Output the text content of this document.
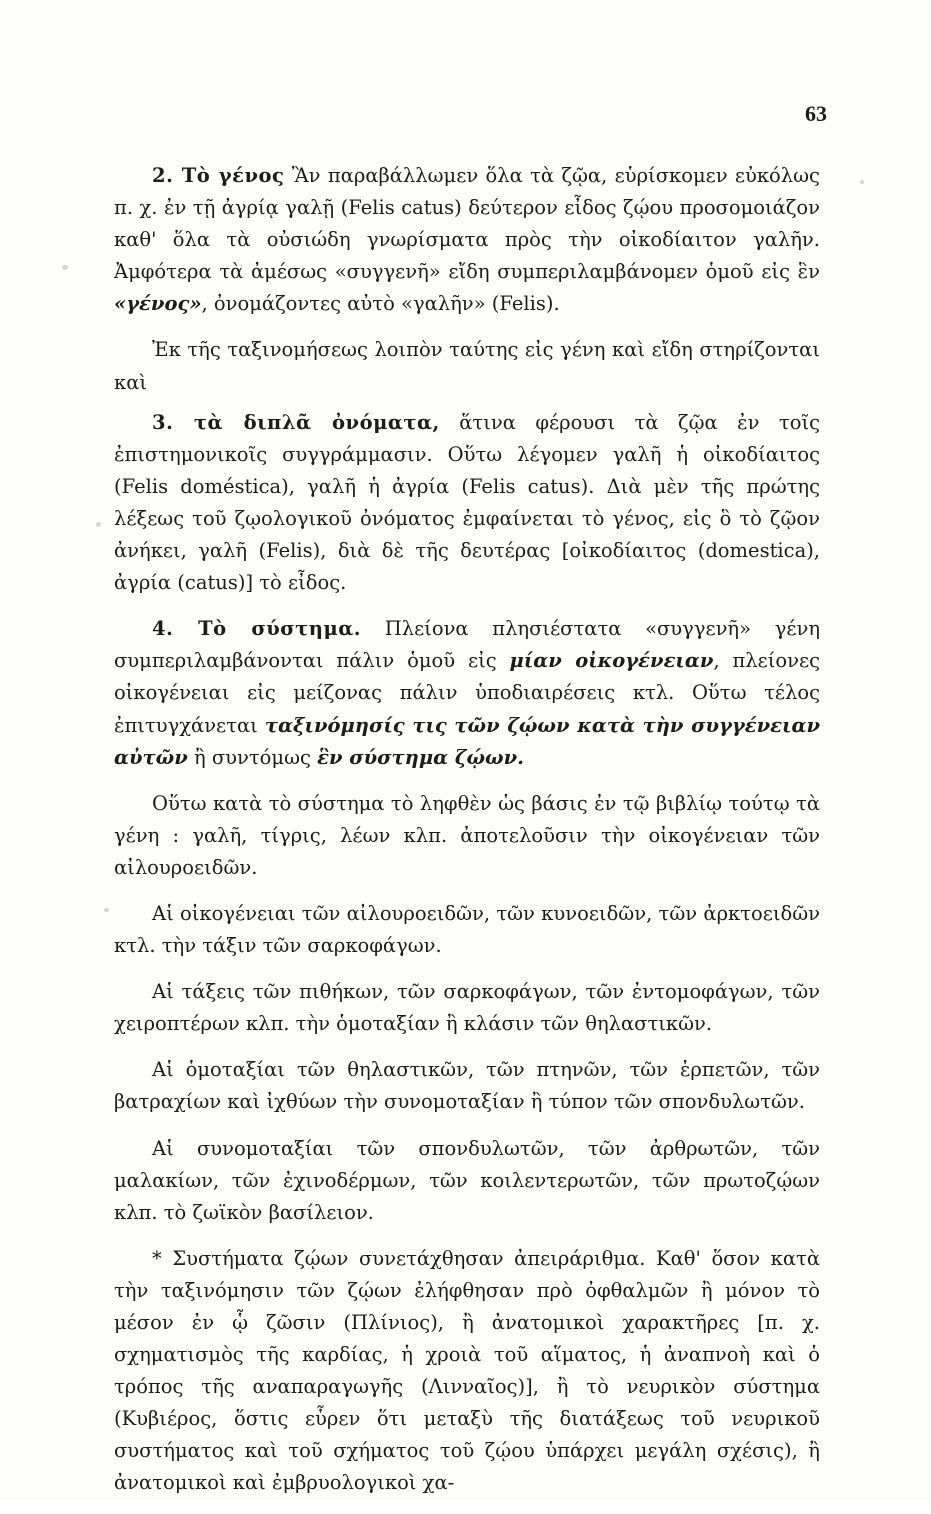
63

2. Τὸ γένος Ἂν παραβάλλωμεν ὅλα τὰ ζῷα, εὑρίσκομεν εὐκόλως π. χ. ἐν τῇ ἀγρίᾳ γαλῇ (Felis catus) δεύτερον εἶδος ζῴου προσομοιάζον καθ' ὅλα τὰ οὐσιώδη γνωρίσματα πρὸς τὴν οἰκοδίαιτον γαλῆν. Ἀμφότερα τὰ ἀμέσως «συγγενῆ» εἴδη συμπεριλαμβάνομεν ὁμοῦ εἰς ἓν «γένος», ὀνομάζοντες αὐτὸ «γαλῆν» (Felis).

Ἐκ τῆς ταξινομήσεως λοιπὸν ταύτης εἰς γένη καὶ εἴδη στηρίζονται καὶ

3. τὰ διπλᾶ ὀνόματα, ἅτινα φέρουσι τὰ ζῷα ἐν τοῖς ἐπιστημονικοῖς συγγράμμασιν. Οὕτω λέγομεν γαλῆ ἡ οἰκοδίαιτος (Felis doméstica), γαλῆ ἡ ἀγρία (Felis catus). Διὰ μὲν τῆς πρώτης λέξεως τοῦ ζῳολογικοῦ ὀνόματος ἐμφαίνεται τὸ γένος, εἰς ὃ τὸ ζῷον ἀνήκει, γαλῆ (Felis), διὰ δὲ τῆς δευτέρας [οἰκοδίαιτος (domestica), ἀγρία (catus)] τὸ εἶδος.

4. Τὸ σύστημα. Πλείονα πλησιέστατα «συγγενῆ» γένη συμπεριλαμβάνονται πάλιν ὁμοῦ εἰς μίαν οἰκογένειαν, πλείονες οἰκογένειαι εἰς μείζονας πάλιν ὑποδιαιρέσεις κτλ. Οὕτω τέλος ἐπιτυγχάνεται ταξινόμησίς τις τῶν ζῴων κατὰ τὴν συγγένειαν αὐτῶν ἢ συντόμως ἓν σύστημα ζῴων.

Οὕτω κατὰ τὸ σύστημα τὸ ληφθὲν ὡς βάσις ἐν τῷ βιβλίῳ τούτῳ τὰ γένη : γαλῆ, τίγρις, λέων κλπ. ἀποτελοῦσιν τὴν οἰκογένειαν τῶν αἰλουροειδῶν.

Αἱ οἰκογένειαι τῶν αἰλουροειδῶν, τῶν κυνοειδῶν, τῶν ἀρκτοειδῶν κτλ. τὴν τάξιν τῶν σαρκοφάγων.

Αἱ τάξεις τῶν πιθήκων, τῶν σαρκοφάγων, τῶν ἐντομοφάγων, τῶν χειροπτέρων κλπ. τὴν ὁμοταξίαν ἢ κλάσιν τῶν θηλαστικῶν.

Αἱ ὁμοταξίαι τῶν θηλαστικῶν, τῶν πτηνῶν, τῶν ἑρπετῶν, τῶν βατραχίων καὶ ἰχθύων τὴν συνομοταξίαν ἢ τύπον τῶν σπονδυλωτῶν.

Αἱ συνομοταξίαι τῶν σπονδυλωτῶν, τῶν ἀρθρωτῶν, τῶν μαλακίων, τῶν ἐχινοδέρμων, τῶν κοιλεντερωτῶν, τῶν πρωτοζῴων κλπ. τὸ ζωϊκὸν βασίλειον.

* Συστήματα ζῴων συνετάχθησαν ἀπειράριθμα. Καθ' ὅσον κατὰ τὴν ταξινόμησιν τῶν ζῴων ἐλήφθησαν πρὸ ὀφθαλμῶν ἢ μόνον τὸ μέσον ἐν ᾧ ζῶσιν (Πλίνιος), ἢ ἀνατομικοὶ χαρακτῆρες [π. χ. σχηματισμὸς τῆς καρδίας, ἡ χροιὰ τοῦ αἵματος, ἡ ἀναπνοὴ καὶ ὁ τρόπος τῆς αναπαραγωγῆς (Λινναῖος)], ἢ τὸ νευρικὸν σύστημα (Κυβιέρος, ὅστις εὗρεν ὅτι μεταξὺ τῆς διατάξεως τοῦ νευρικοῦ συστήματος καὶ τοῦ σχήματος τοῦ ζῴου ὑπάρχει μεγάλη σχέσις), ἢ ἀνατομικοὶ καὶ ἐμβρυολογικοὶ χα-
